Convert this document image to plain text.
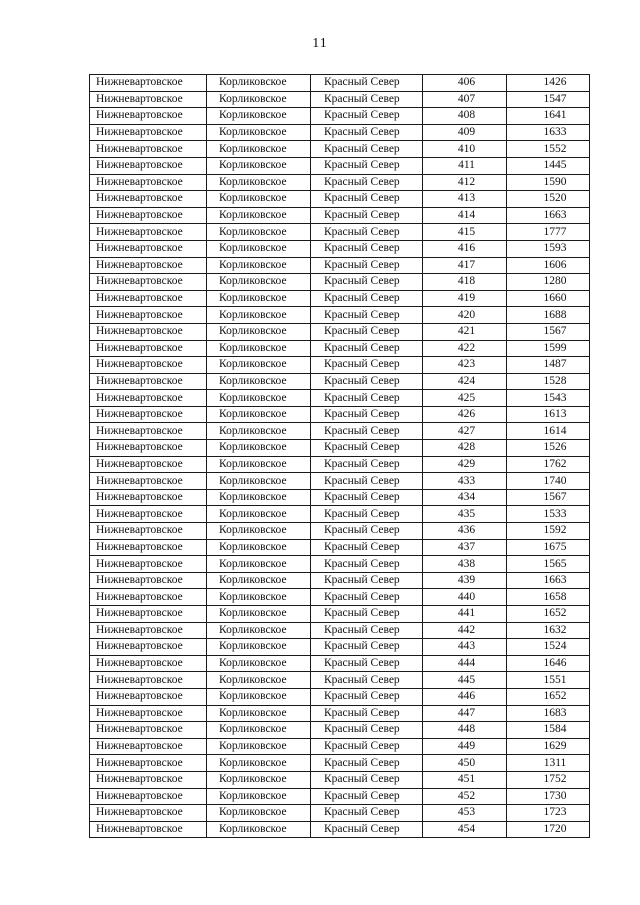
11
Нижневартовское	Корликовское	Красный Север	406	1426
Нижневартовское	Корликовское	Красный Север	407	1547
Нижневартовское	Корликовское	Красный Север	408	1641
Нижневартовское	Корликовское	Красный Север	409	1633
Нижневартовское	Корликовское	Красный Север	410	1552
Нижневартовское	Корликовское	Красный Север	411	1445
Нижневартовское	Корликовское	Красный Север	412	1590
Нижневартовское	Корликовское	Красный Север	413	1520
Нижневартовское	Корликовское	Красный Север	414	1663
Нижневартовское	Корликовское	Красный Север	415	1777
Нижневартовское	Корликовское	Красный Север	416	1593
Нижневартовское	Корликовское	Красный Север	417	1606
Нижневартовское	Корликовское	Красный Север	418	1280
Нижневартовское	Корликовское	Красный Север	419	1660
Нижневартовское	Корликовское	Красный Север	420	1688
Нижневартовское	Корликовское	Красный Север	421	1567
Нижневартовское	Корликовское	Красный Север	422	1599
Нижневартовское	Корликовское	Красный Север	423	1487
Нижневартовское	Корликовское	Красный Север	424	1528
Нижневартовское	Корликовское	Красный Север	425	1543
Нижневартовское	Корликовское	Красный Север	426	1613
Нижневартовское	Корликовское	Красный Север	427	1614
Нижневартовское	Корликовское	Красный Север	428	1526
Нижневартовское	Корликовское	Красный Север	429	1762
Нижневартовское	Корликовское	Красный Север	433	1740
Нижневартовское	Корликовское	Красный Север	434	1567
Нижневартовское	Корликовское	Красный Север	435	1533
Нижневартовское	Корликовское	Красный Север	436	1592
Нижневартовское	Корликовское	Красный Север	437	1675
Нижневартовское	Корликовское	Красный Север	438	1565
Нижневартовское	Корликовское	Красный Север	439	1663
Нижневартовское	Корликовское	Красный Север	440	1658
Нижневартовское	Корликовское	Красный Север	441	1652
Нижневартовское	Корликовское	Красный Север	442	1632
Нижневартовское	Корликовское	Красный Север	443	1524
Нижневартовское	Корликовское	Красный Север	444	1646
Нижневартовское	Корликовское	Красный Север	445	1551
Нижневартовское	Корликовское	Красный Север	446	1652
Нижневартовское	Корликовское	Красный Север	447	1683
Нижневартовское	Корликовское	Красный Север	448	1584
Нижневартовское	Корликовское	Красный Север	449	1629
Нижневартовское	Корликовское	Красный Север	450	1311
Нижневартовское	Корликовское	Красный Север	451	1752
Нижневартовское	Корликовское	Красный Север	452	1730
Нижневартовское	Корликовское	Красный Север	453	1723
Нижневартовское	Корликовское	Красный Север	454	1720
